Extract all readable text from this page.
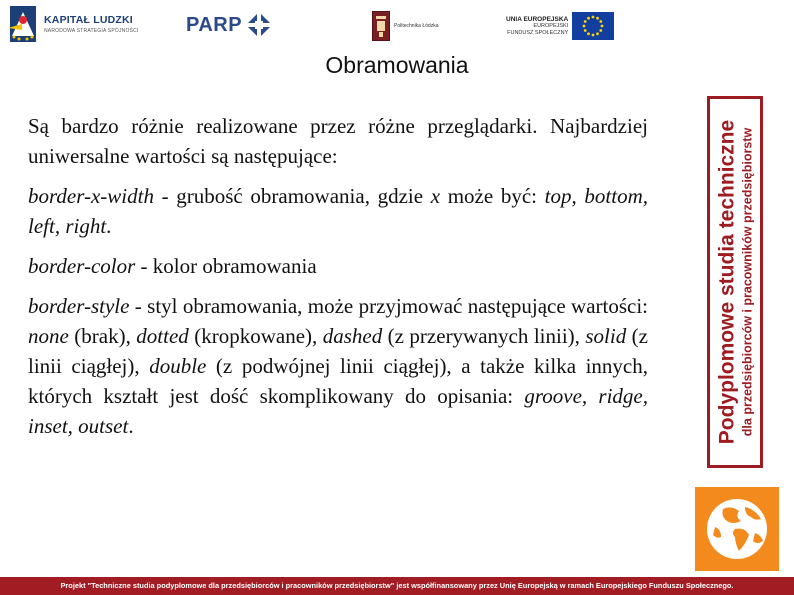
KAPITAŁ LUDZKI
NARODOWA STRATEGIA SPÓJNOŚCI PARP	Politechnika Łódzka
UNIA EUROPEJSKA
EUROPEJSKI
FUNDUSZ SPOŁECZNY
Obramowania

Są bardzo różnie realizowane przez różne przeglądarki. Najbardziej uniwersalne wartości są następujące:

border-x-width - grubość obramowania, gdzie x może być: top, bottom, left, right.

border-color - kolor obramowania

border-style - styl obramowania, może przyjmować następujące wartości: none (brak), dotted (kropkowane), dashed (z przerywanych linii), solid (z linii ciągłej), double (z podwójnej linii ciągłej), a także kilka innych, których kształt jest dość skomplikowany do opisania: groove, ridge, inset, outset.	Podyplomowe studia techniczne dla przedsiębiorców i pracowników przedsiębiorstw
Projekt "Techniczne studia podyplomowe dla przedsiębiorców i pracowników przedsiębiorstw" jest współfinansowany przez Unię Europejską w ramach Europejskiego Funduszu Społecznego.
